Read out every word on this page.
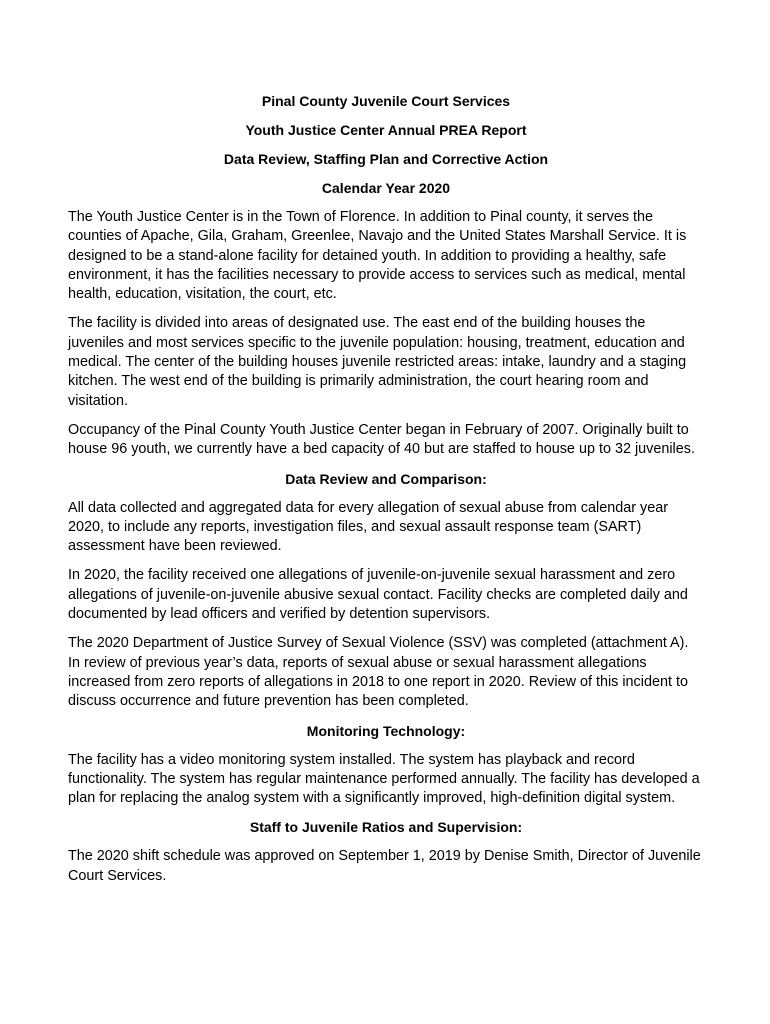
Pinal County Juvenile Court Services
Youth Justice Center Annual PREA Report
Data Review, Staffing Plan and Corrective Action
Calendar Year 2020

The Youth Justice Center is in the Town of Florence. In addition to Pinal county, it serves the counties of Apache, Gila, Graham, Greenlee, Navajo and the United States Marshall Service. It is designed to be a stand-alone facility for detained youth. In addition to providing a healthy, safe environment, it has the facilities necessary to provide access to services such as medical, mental health, education, visitation, the court, etc.

The facility is divided into areas of designated use. The east end of the building houses the juveniles and most services specific to the juvenile population: housing, treatment, education and medical. The center of the building houses juvenile restricted areas: intake, laundry and a staging kitchen. The west end of the building is primarily administration, the court hearing room and visitation.

Occupancy of the Pinal County Youth Justice Center began in February of 2007. Originally built to house 96 youth, we currently have a bed capacity of 40 but are staffed to house up to 32 juveniles.

Data Review and Comparison:

All data collected and aggregated data for every allegation of sexual abuse from calendar year 2020, to include any reports, investigation files, and sexual assault response team (SART) assessment have been reviewed.

In 2020, the facility received one allegations of juvenile-on-juvenile sexual harassment and zero allegations of juvenile-on-juvenile abusive sexual contact. Facility checks are completed daily and documented by lead officers and verified by detention supervisors.

The 2020 Department of Justice Survey of Sexual Violence (SSV) was completed (attachment A). In review of previous year’s data, reports of sexual abuse or sexual harassment allegations increased from zero reports of allegations in 2018 to one report in 2020. Review of this incident to discuss occurrence and future prevention has been completed.

Monitoring Technology:

The facility has a video monitoring system installed. The system has playback and record functionality. The system has regular maintenance performed annually. The facility has developed a plan for replacing the analog system with a significantly improved, high-definition digital system.

Staff to Juvenile Ratios and Supervision:

The 2020 shift schedule was approved on September 1, 2019 by Denise Smith, Director of Juvenile Court Services.
